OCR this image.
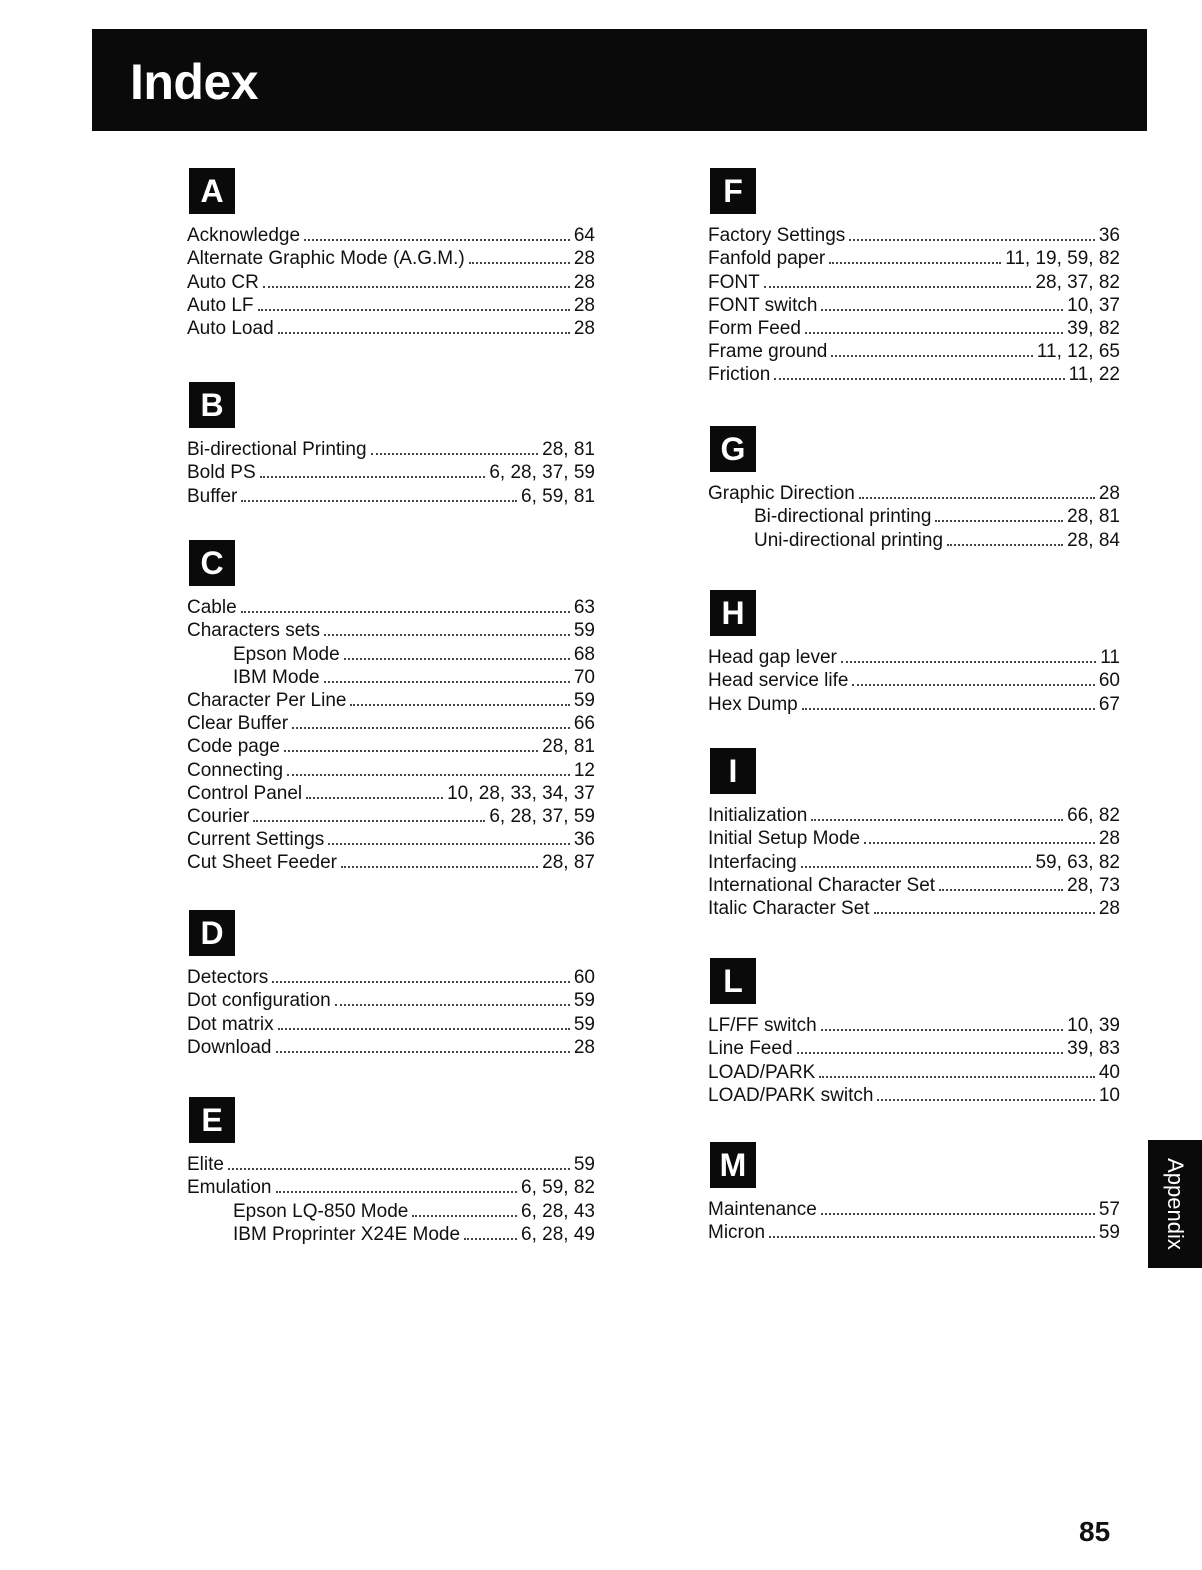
Index
A
Acknowledge	64
Alternate Graphic Mode (A.G.M.)	28
Auto CR	28
Auto LF	28
Auto Load	28
B
Bi-directional Printing	28, 81
Bold PS	6, 28, 37, 59
Buffer	6, 59, 81
C
Cable	63
Characters sets	59
Epson Mode	68
IBM Mode	70
Character Per Line	59
Clear Buffer	66
Code page	28, 81
Connecting	12
Control Panel	10, 28, 33, 34, 37
Courier	6, 28, 37, 59
Current Settings	36
Cut Sheet Feeder	28, 87
D
Detectors	60
Dot configuration	59
Dot matrix	59
Download	28
E
Elite	59
Emulation	6, 59, 82
Epson LQ-850 Mode	6, 28, 43
IBM Proprinter X24E Mode	6, 28, 49
F
Factory Settings	36
Fanfold paper	11, 19, 59, 82
FONT	28, 37, 82
FONT switch	10, 37
Form Feed	39, 82
Frame ground	11, 12, 65
Friction	11, 22
G
Graphic Direction	28
Bi-directional printing	28, 81
Uni-directional printing	28, 84
H
Head gap lever	11
Head service life	60
Hex Dump	67
I
Initialization	66, 82
Initial Setup Mode	28
Interfacing	59, 63, 82
International Character Set	28, 73
Italic Character Set	28
L
LF/FF switch	10, 39
Line Feed	39, 83
LOAD/PARK	40
LOAD/PARK switch	10
M
Maintenance	57
Micron	59 Appendix
85
